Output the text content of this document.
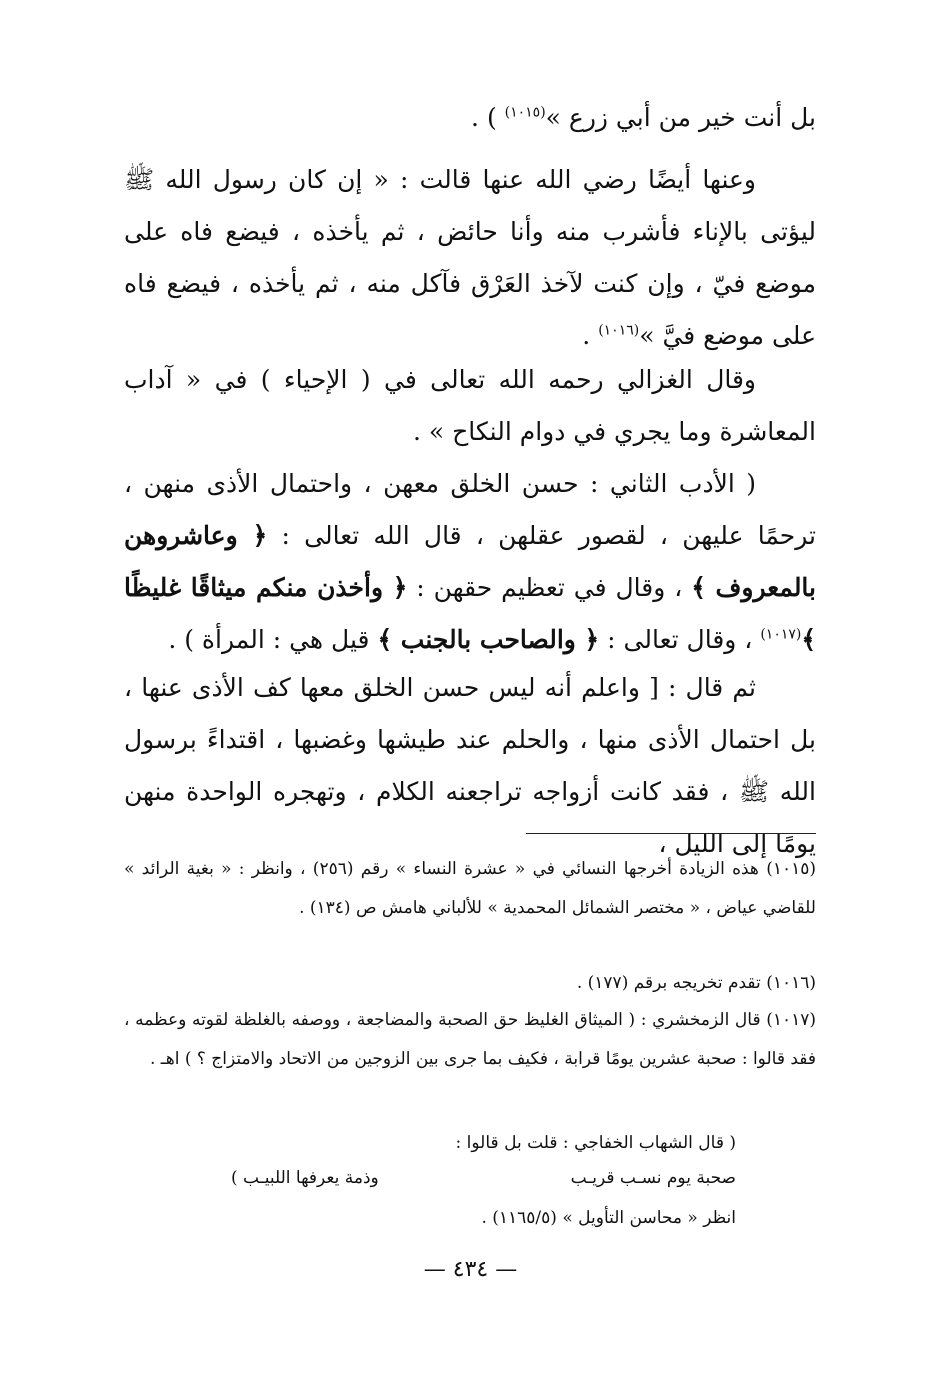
بل أنت خير من أبي زرع »$^{(١٠١٥)}$ ) .

وعنها أيضًا رضي الله عنها قالت : « إن كان رسول الله ﷺ ليؤتى بالإناء فأشرب منه وأنا حائض ، ثم يأخذه ، فيضع فاه على موضع فيّ ، وإن كنت لآخذ العَرْق فآكل منه ، ثم يأخذه ، فيضع فاه على موضع فيَّ »$^{(١٠١٦)}$ .

وقال الغزالي رحمه الله تعالى في ( الإحياء ) في « آداب المعاشرة وما يجري في دوام النكاح » .

( الأدب الثاني : حسن الخلق معهن ، واحتمال الأذى منهن ، ترحمًا عليهن ، لقصور عقلهن ، قال الله تعالى : ﴿ وعاشروهن بالمعروف ﴾ ، وقال في تعظيم حقهن : ﴿ وأخذن منكم ميثاقًا غليظًا ﴾$^{(١٠١٧)}$ ، وقال تعالى : ﴿ والصاحب بالجنب ﴾ قيل هي : المرأة ) .

ثم قال : [ واعلم أنه ليس حسن الخلق معها كف الأذى عنها ، بل احتمال الأذى منها ، والحلم عند طيشها وغضبها ، اقتداءً برسول الله ﷺ ، فقد كانت أزواجه تراجعنه الكلام ، وتهجره الواحدة منهن يومًا إلى الليل ،

(١٠١٥) هذه الزيادة أخرجها النسائي في « عشرة النساء » رقم (٢٥٦) ، وانظر : « بغية الرائد » للقاضي عياض ، « مختصر الشمائل المحمدية » للألباني هامش ص (١٣٤) .

(١٠١٦) تقدم تخريجه برقم (١٧٧) .

(١٠١٧) قال الزمخشري : ( الميثاق الغليظ حق الصحبة والمضاجعة ، ووصفه بالغلظة لقوته وعظمه ، فقد قالوا : صحبة عشرين يومًا قرابة ، فكيف بما جرى بين الزوجين من الاتحاد والامتزاج ؟ ) اهـ .

( قال الشهاب الخفاجي : قلت بل قالوا :
صحبة يوم نسـب قريـب
وذمة يعرفها اللبيـب )
انظر « محاسن التأويل » (١١٦٥/٥) .
— ٤٣٤ —
